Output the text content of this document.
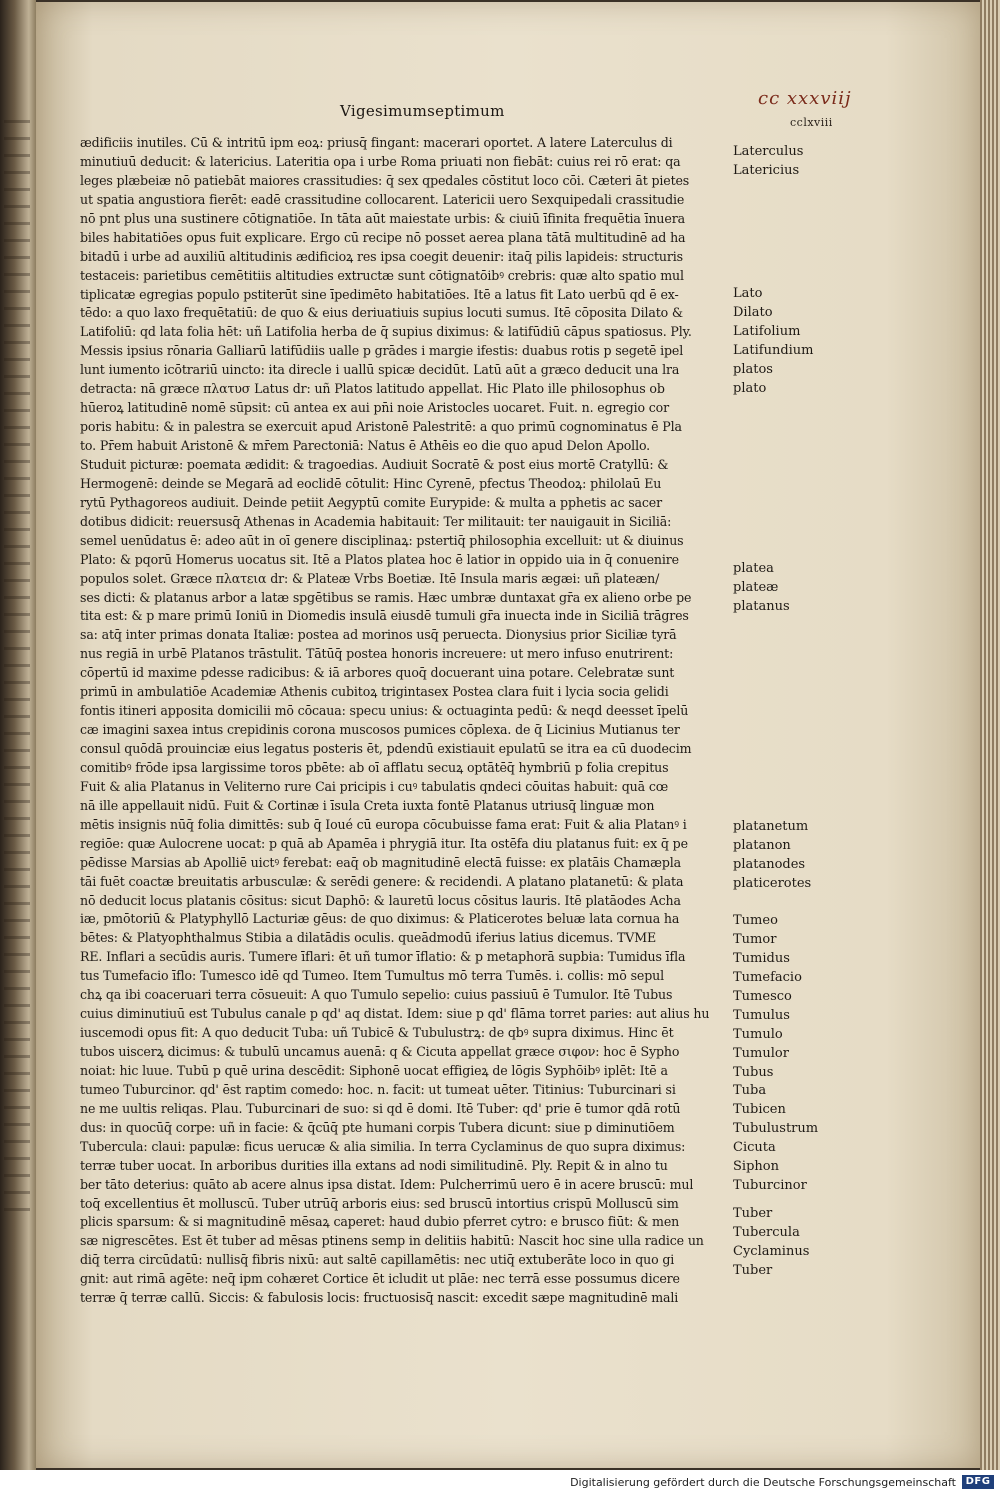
Vigesimumseptimum
cc xxxviij
cclxviii
ædificiis inutiles. Cū & intritū ipm eoꝝ: priusq̄ fingant: macerari oportet. A latere Laterculus di
minutiuū deducit: & latericius. Lateritia opa i urbe Roma priuati non fiebāt: cuius rei rō erat: qa
leges plæbeiæ nō patiebāt maiores crassitudies: q̄ sex qpedales cōstitut loco cōi. Cæteri āt pietes
ut spatia angustiora fierēt: eadē crassitudine collocarent. Latericii uero Sexquipedali crassitudie
nō pnt plus una sustinere cōtignatiōe. In tāta aūt maiestate urbis: & ciuiū īfinita frequētia īnuera
biles habitatiōes opus fuit explicare. Ergo cū recipe nō posset aerea plana tātā multitudinē ad ha
bitadū i urbe ad auxiliū altitudinis ædificioꝝ res ipsa coegit deuenir: itaq̄ pilis lapideis: structuris
testaceis: parietibus cemētitiis altitudies extructæ sunt cōtignatōibꝰ crebris: quæ alto spatio mul
tiplicatæ egregias populo pstiterūt sine īpedimēto habitatiōes. Itē a latus fit Lato uerbū qd ē ex-
tēdo: a quo laxo frequētatiū: de quo & eius deriuatiuis supius locuti sumus. Itē cōposita Dilato &
Latifoliū: qd lata folia hēt: uñ Latifolia herba de q̄ supius diximus: & latifūdiū cāpus spatiosus. Ply.
Messis ipsius rōnaria Galliarū latifūdiis ualle p grādes i margie ifestis: duabus rotis p segetē ipel
lunt iumento icōtrariū uincto: ita direcle i uallū spicæ decidūt. Latū aūt a græco deducit una lra
detracta: nā græce πλατυσ Latus dr: uñ Platos latitudo appellat. Hic Plato ille philosophus ob
hūeroꝝ latitudinē nomē sūpsit: cū antea ex aui pn̄i noie Aristocles uocaret. Fuit. n. egregio cor
poris habitu: & in palestra se exercuit apud Aristonē Palestritē: a quo primū cognominatus ē Pla
to. Pr̄em habuit Aristonē & mr̄em Parectoniā: Natus ē Athēis eo die quo apud Delon Apollo.
Studuit picturæ: poemata ædidit: & tragoedias. Audiuit Socratē & post eius mortē Cratyllū: &
Hermogenē: deinde se Megarā ad eoclidē cōtulit: Hinc Cyrenē, pfectus Theodoꝝ: philolaū Eu
rytū Pythagoreos audiuit. Deinde petiit Aegyptū comite Eurypide: & multa a pphetis ac sacer
dotibus didicit: reuersusq̄ Athenas in Academia habitauit: Ter militauit: ter nauigauit in Siciliā:
semel uenūdatus ē: adeo aūt in oī genere disciplinaꝝ: pstertiq̄ philosophia excelluit: ut & diuinus
Plato: & pqorū Homerus uocatus sit. Itē a Platos platea hoc ē latior in oppido uia in q̄ conuenire
populos solet. Græce πλατεια dr: & Plateæ Vrbs Boetiæ. Itē Insula maris ægæi: uñ plateæn/
ses dicti: & platanus arbor a latæ spgētibus se ramis. Hæc umbræ duntaxat gr̄a ex alieno orbe pe
tita est: & p mare primū Ioniū in Diomedis insulā eiusdē tumuli gr̄a inuecta inde in Siciliā trāgres
sa: atq̄ inter primas donata Italiæ: postea ad morinos usq̄ peruecta. Dionysius prior Siciliæ tyrā
nus regiā in urbē Platanos trāstulit. Tātūq̄ postea honoris increuere: ut mero infuso enutrirent:
cōpertū id maxime pdesse radicibus: & iā arbores quoq̄ docuerant uina potare. Celebratæ sunt
primū in ambulatiōe Academiæ Athenis cubitoꝝ trigintasex Postea clara fuit i lycia socia gelidi
fontis itineri apposita domicilii mō cōcaua: specu unius: & octuaginta pedū: & neqd deesset īpelū
cæ imagini saxea intus crepidinis corona muscosos pumices cōplexa. de q̄ Licinius Mutianus ter
consul quōdā prouinciæ eius legatus posteris ēt, pdendū existiauit epulatū se itra ea cū duodecim
comitibꝰ frōde ipsa largissime toros pbēte: ab oī afflatu secuꝝ optātēq̄ hymbriū p folia crepitus
Fuit & alia Platanus in Veliterno rure Cai pricipis i cuꝰ tabulatis qndeci cōuitas habuit: quā cœ
nā ille appellauit nidū. Fuit & Cortinæ i īsula Creta iuxta fontē Platanus utriusq̄ linguæ mon
mētis insignis nūq̄ folia dimittēs: sub q̄ Ioué cū europa cōcubuisse fama erat: Fuit & alia Platanꝰ i
regiōe: quæ Aulocrene uocat: p quā ab Apamēa i phrygiā itur. Ita ostēfa diu platanus fuit: ex q̄ pe
pēdisse Marsias ab Apolliē uictꝰ ferebat: eaq̄ ob magnitudinē electā fuisse: ex platāis Chamæpla
tāi fuēt coactæ breuitatis arbusculæ: & serēdi genere: & recidendi. A platano platanetū: & plata
nō deducit locus platanis cōsitus: sicut Daphō: & lauretū locus cōsitus lauris. Itē platāodes Acha
iæ, pmōtoriū & Platyphyllō Lacturiæ gēus: de quo diximus: & Platicerotes beluæ lata cornua ha
bētes: & Platyophthalmus Stibia a dilatādis oculis. queādmodū iferius latius dicemus. TVME
RE. Inflari a secūdis auris. Tumere īflari: ēt uñ tumor īflatio: & p metaphorā supbia: Tumidus īfla
tus Tumefacio īflo: Tumesco idē qd Tumeo. Item Tumultus mō terra Tumēs. i. collis: mō sepul
chꝝ qa ibi coaceruari terra cōsueuit: A quo Tumulo sepelio: cuius passiuū ē Tumulor. Itē Tubus
cuius diminutiuū est Tubulus canale p qd' aq distat. Idem: siue p qd' flāma torret paries: aut alius hu
iuscemodi opus fit: A quo deducit Tuba: uñ Tubicē & Tubulustrꝝ: de qbꝰ supra diximus. Hinc ēt
tubos uiscerꝝ dicimus: & tubulū uncamus auenā: q & Cicuta appellat græce σιφον: hoc ē Sypho
noiat: hic luue. Tubū p quē urina descēdit: Siphonē uocat effigieꝝ de lōgis Syphōibꝰ iplēt: Itē a
tumeo Tuburcinor. qd' ēst raptim comedo: hoc. n. facit: ut tumeat uēter. Titinius: Tuburcinari si
ne me uultis reliqas. Plau. Tuburcinari de suo: si qd ē domi. Itē Tuber: qd' prie ē tumor qdā rotū
dus: in quocūq̄ corpe: uñ in facie: & q̄cūq̄ pte humani corpis Tubera dicunt: siue p diminutiōem
Tubercula: claui: papulæ: ficus uerucæ & alia similia. In terra Cyclaminus de quo supra diximus:
terræ tuber uocat. In arboribus durities illa extans ad nodi similitudinē. Ply. Repit & in alno tu
ber tāto deterius: quāto ab acere alnus ipsa distat. Idem: Pulcherrimū uero ē in acere bruscū: mul
toq̄ excellentius ēt molluscū. Tuber utrūq̄ arboris eius: sed bruscū intortius crispū Molluscū sim
plicis sparsum: & si magnitudinē mēsaꝝ caperet: haud dubio pferret cytro: e brusco fiūt: & men
sæ nigrescētes. Est ēt tuber ad mēsas ptinens semp in delitiis habitū: Nascit hoc sine ulla radice un
diq̄ terra circūdatū: nullisq̄ fibris nixū: aut saltē capillamētis: nec utiq̄ extuberāte loco in quo gi
gnit: aut rimā agēte: neq̄ ipm cohæret Cortice ēt icludit ut plāe: nec terrā esse possumus dicere
terræ q̄ terræ callū. Siccis: & fabulosis locis: fructuosisq̄ nascit: excedit sæpe magnitudinē mali
Laterculus
Latericius
Lato
Dilato
Latifolium
Latifundium
platos
plato
platea
plateæ
platanus
platanetum
platanon
platanodes
platicerotes
Tumeo
Tumor
Tumidus
Tumefacio
Tumesco
Tumulus
Tumulo
Tumulor
Tubus
Tuba
Tubicen
Tubulustrum
Cicuta
Siphon
Tuburcinor
Tuber
Tubercula
Cyclaminus
Tuber
Digitalisierung gefördert durch die Deutsche Forschungsgemeinschaft DFG
